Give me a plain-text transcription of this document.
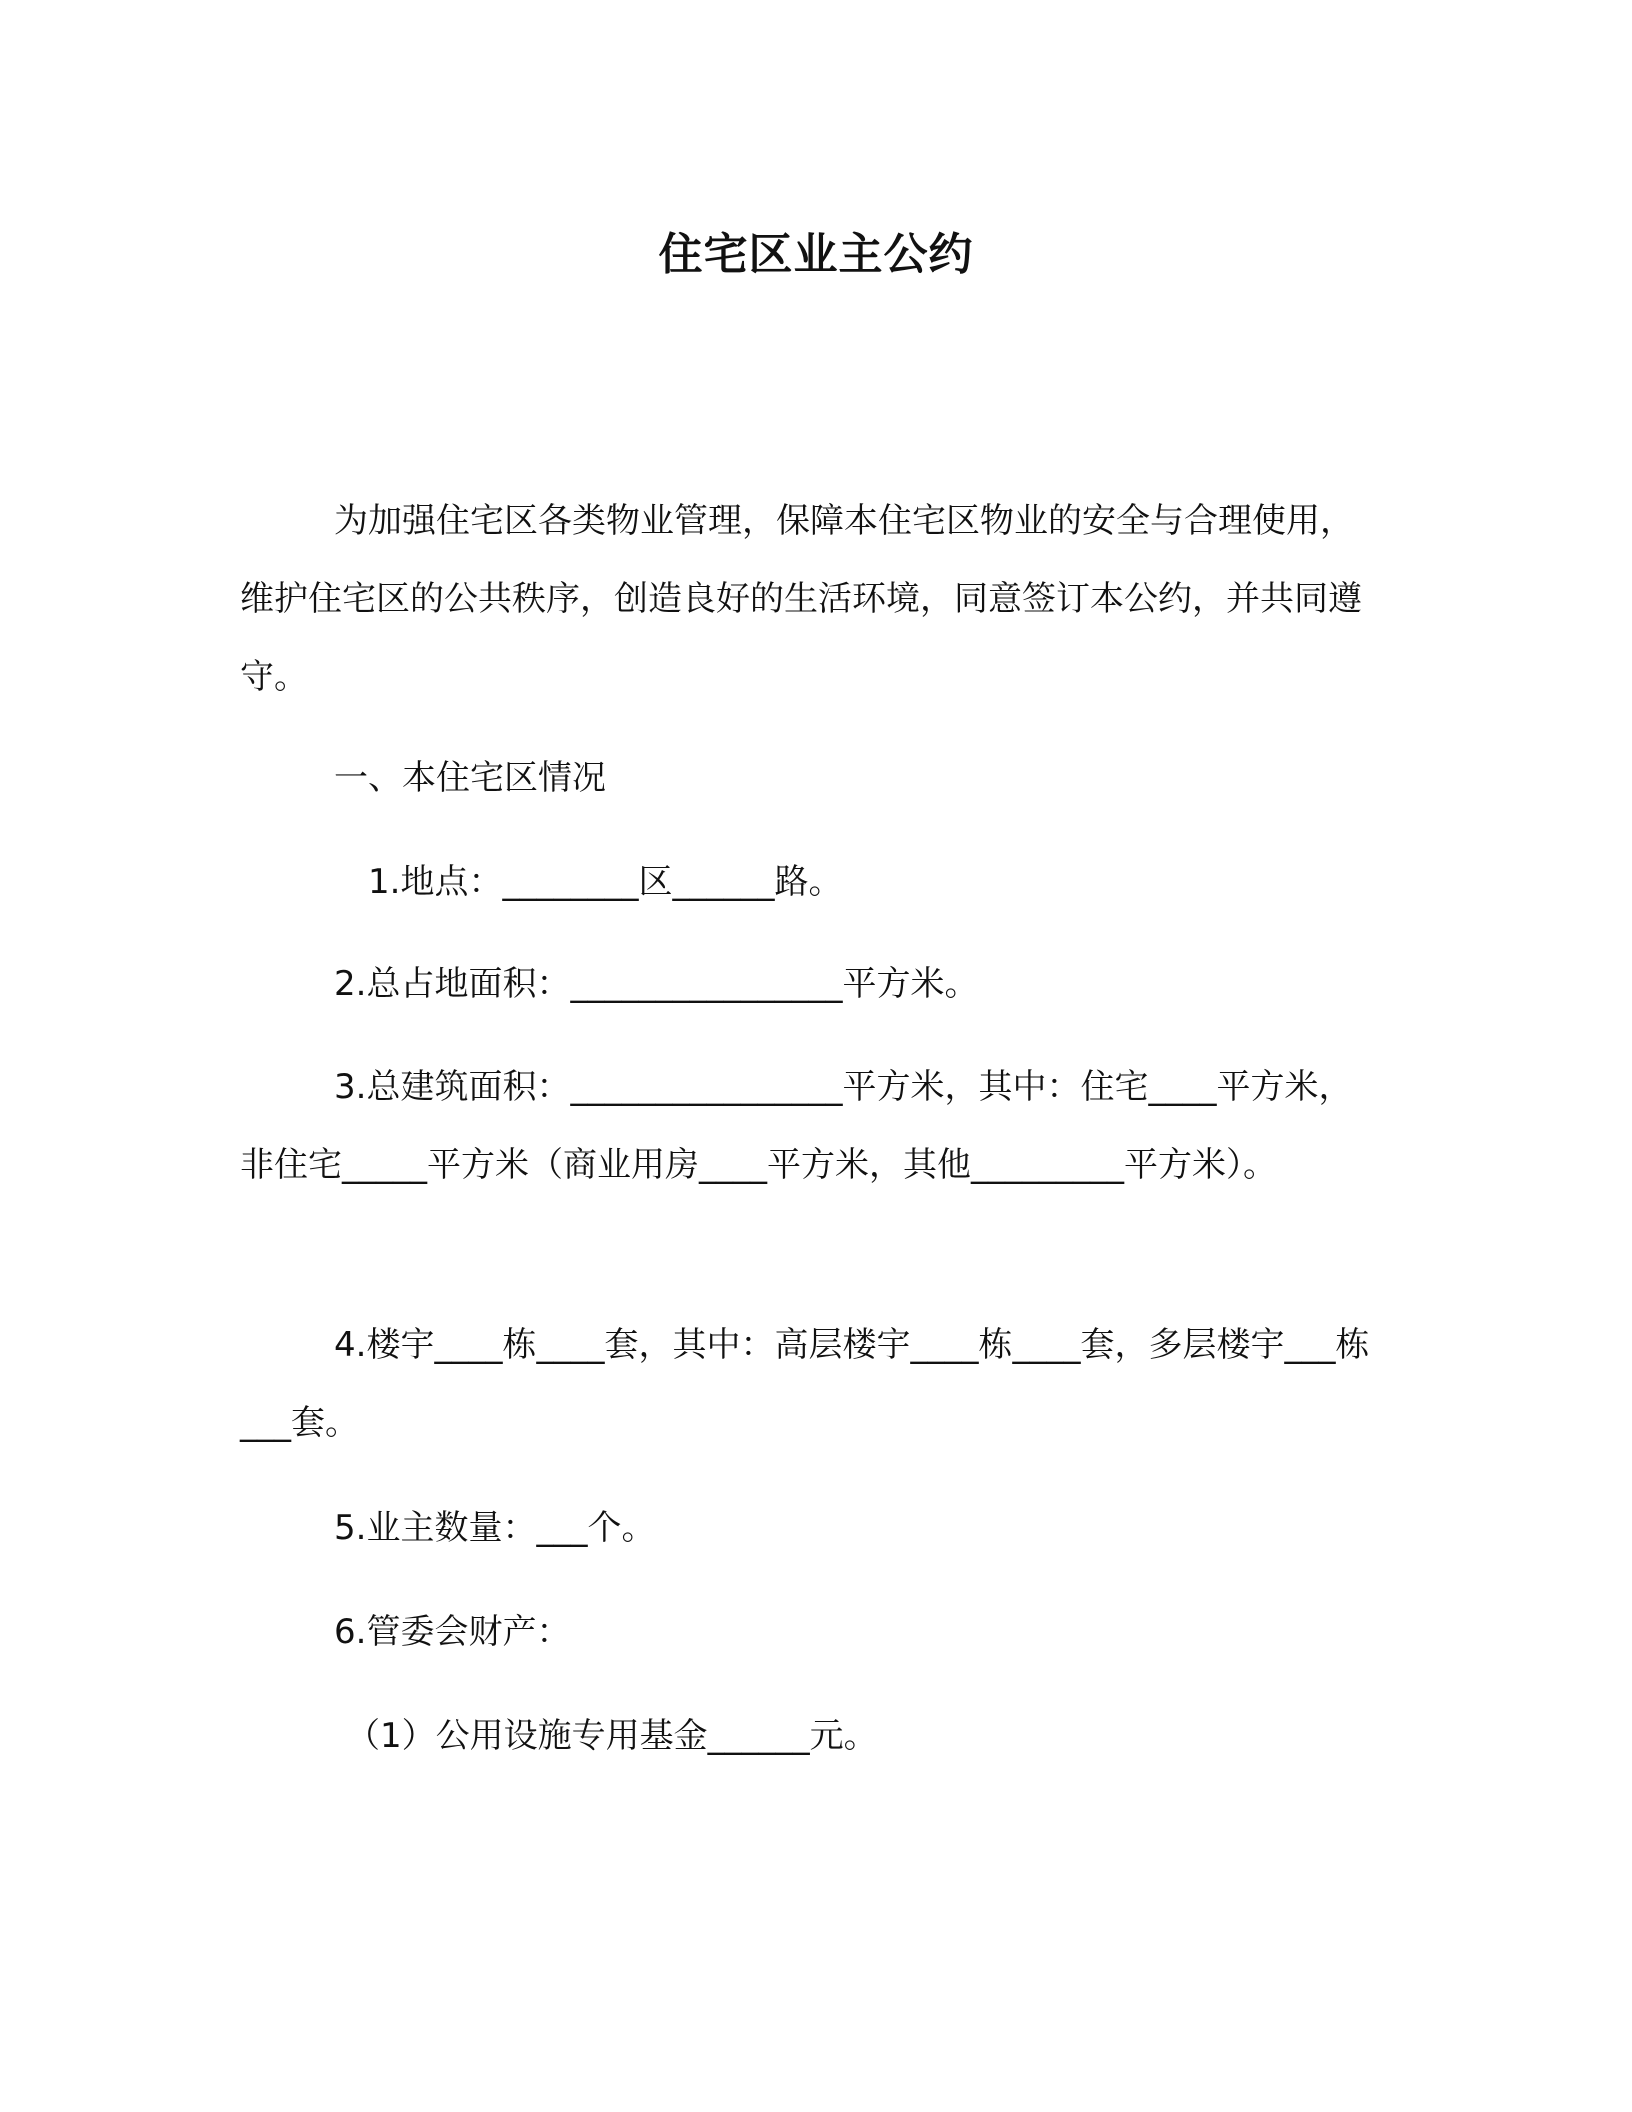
住宅区业主公约
为加强住宅区各类物业管理，保障本住宅区物业的安全与合理使用，维护住宅区的公共秩序，创造良好的生活环境，同意签订本公约，并共同遵守。
一、本住宅区情况
1.地点：________区______路。
2.总占地面积：________________平方米。
3.总建筑面积：________________平方米，其中：住宅____平方米，非住宅_____平方米（商业用房____平方米，其他_________平方米）。
4.楼宇____栋____套，其中：高层楼宇____栋____套，多层楼宇___栋___套。
5.业主数量：___个。
6.管委会财产：
（1）公用设施专用基金______元。
